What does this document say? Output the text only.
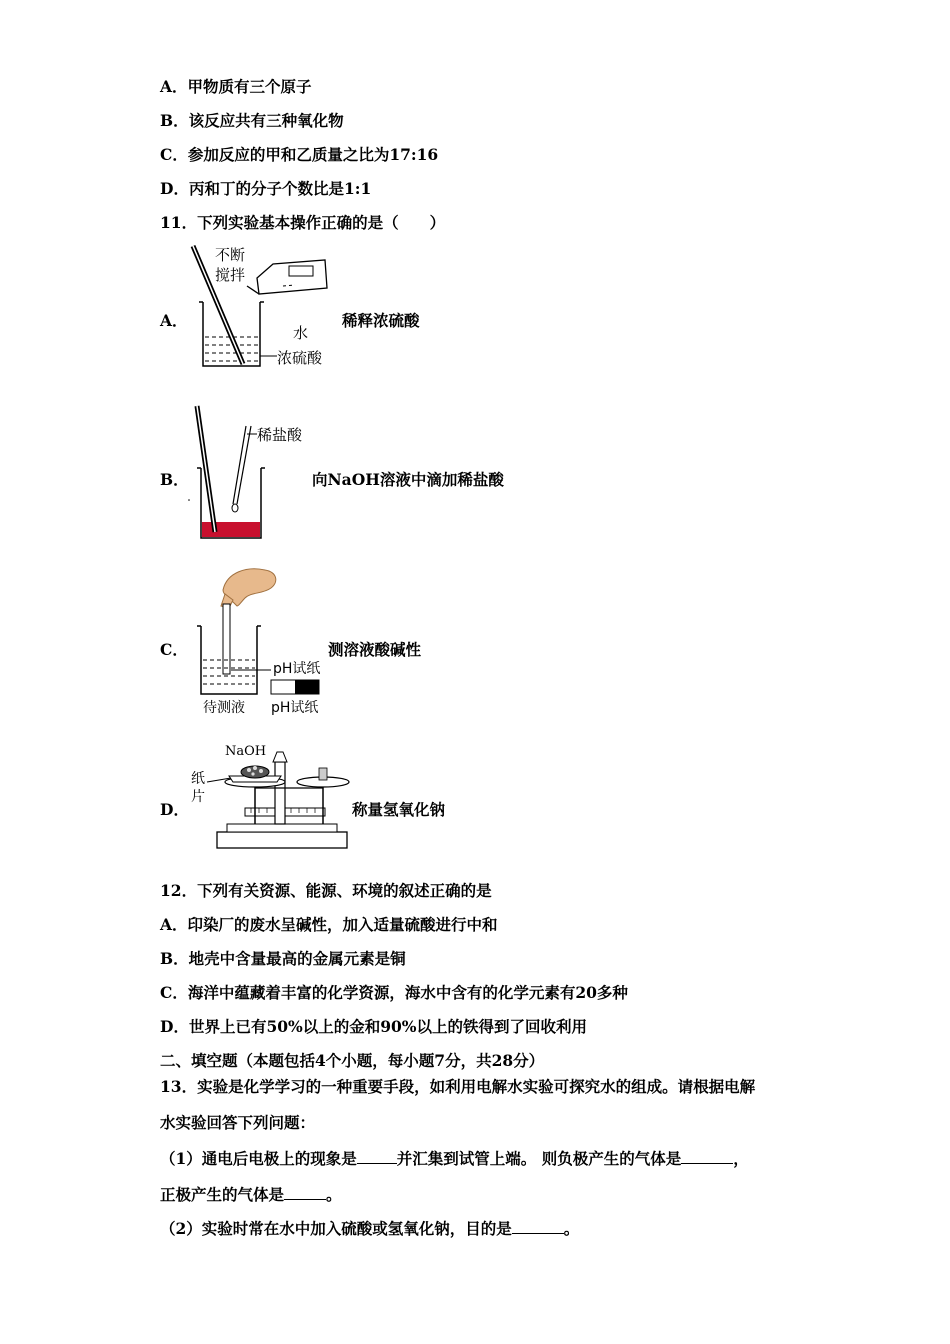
A．甲物质有三个原子
B．该反应共有三种氧化物
C．参加反应的甲和乙质量之比为17:16
D．丙和丁的分子个数比是1:1
11．下列实验基本操作正确的是（　　）
A．
不断
搅拌
水
浓硫酸
稀释浓硫酸
B．
稀盐酸
向NaOH溶液中滴加稀盐酸
C．
pH试纸
待测液 pH试纸
测溶液酸碱性
D．
NaOH
纸
片
称量氢氧化钠
12．下列有关资源、能源、环境的叙述正确的是
A．印染厂的废水呈碱性，加入适量硫酸进行中和
B．地壳中含量最高的金属元素是铜
C．海洋中蕴藏着丰富的化学资源，海水中含有的化学元素有20多种
D．世界上已有50%以上的金和90%以上的铁得到了回收利用
二、填空题（本题包括4个小题，每小题7分，共28分）
13．实验是化学学习的一种重要手段，如利用电解水实验可探究水的组成。请根据电解
水实验回答下列问题：
（1）通电后电极上的现象是	并汇集到试管上端。 则负极产生的气体是	，
正极产生的气体是	。
（2）实验时常在水中加入硫酸或氢氧化钠，目的是	。
